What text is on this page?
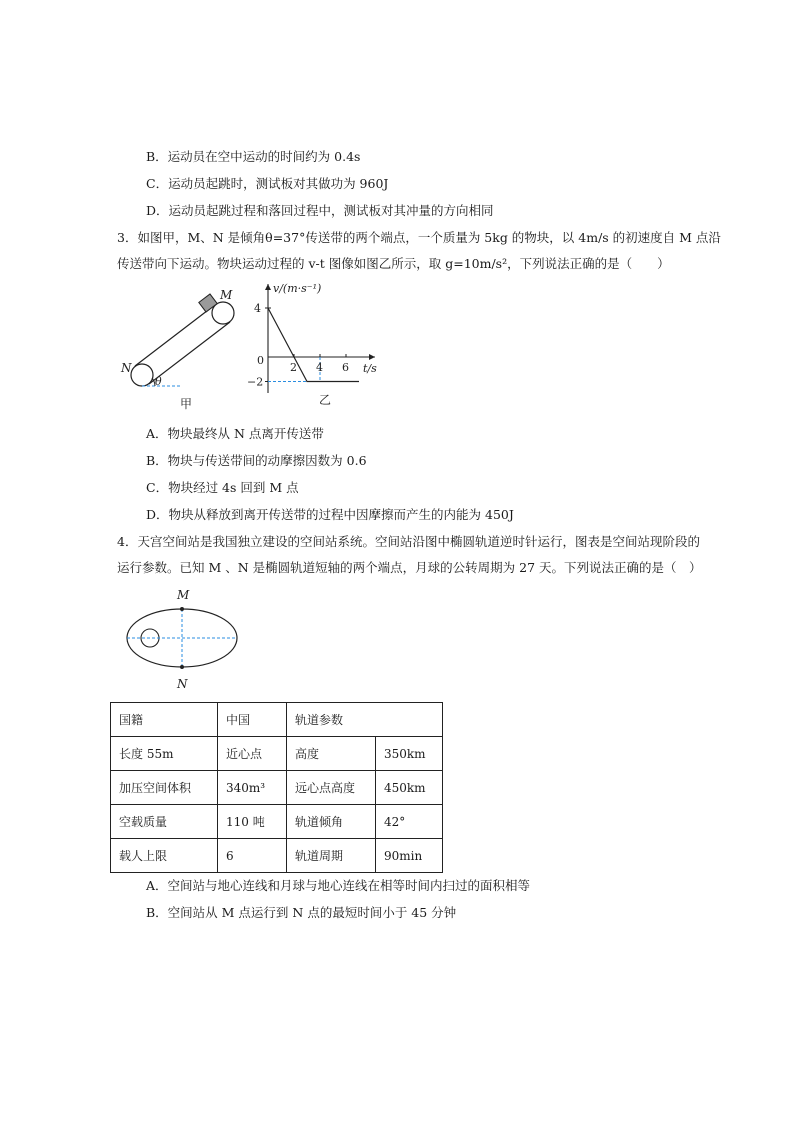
B．运动员在空中运动的时间约为 0.4s
C．运动员起跳时，测试板对其做功为 960J
D．运动员起跳过程和落回过程中，测试板对其冲量的方向相同
3．如图甲，M、N 是倾角θ=37°传送带的两个端点，一个质量为 5kg 的物块，以 4m/s 的初速度自 M 点沿
传送带向下运动。物块运动过程的 v-t 图像如图乙所示，取 g=10m/s²，下列说法正确的是（　　）
M
N
θ
甲
4
−2
2 4 6
v/(m·s⁻¹)
t/s
0
乙
A．物块最终从 N 点离开传送带
B．物块与传送带间的动摩擦因数为 0.6
C．物块经过 4s 回到 M 点
D．物块从释放到离开传送带的过程中因摩擦而产生的内能为 450J
4．天宫空间站是我国独立建设的空间站系统。空间站沿图中椭圆轨道逆时针运行，图表是空间站现阶段的
运行参数。已知 M 、N 是椭圆轨道短轴的两个端点，月球的公转周期为 27 天。下列说法正确的是（　）
M
N
国籍	中国	轨道参数	
长度 55m	近心点	高度	350km
加压空间体积	340m³	远心点高度	450km
空载质量	110 吨	轨道倾角	42°
载人上限	6	轨道周期	90min
A．空间站与地心连线和月球与地心连线在相等时间内扫过的面积相等
B．空间站从 M 点运行到 N 点的最短时间小于 45 分钟
